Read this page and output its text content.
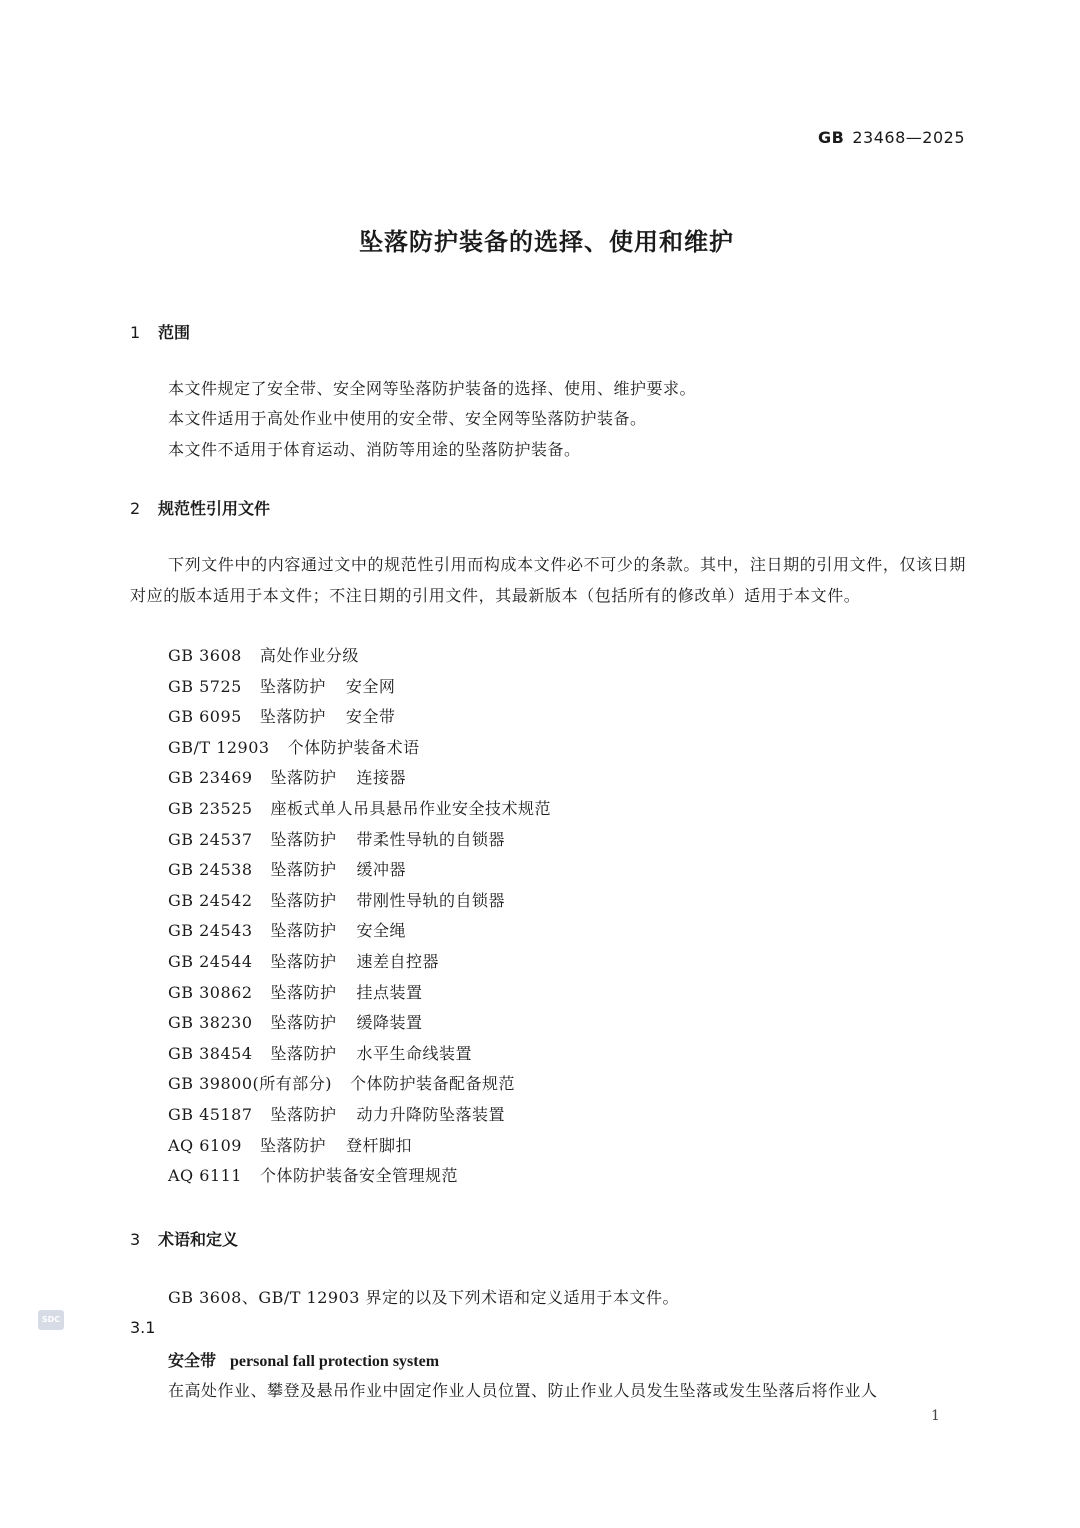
GB 23468—2025
坠落防护装备的选择、使用和维护
1 范围
本文件规定了安全带、安全网等坠落防护装备的选择、使用、维护要求。
本文件适用于高处作业中使用的安全带、安全网等坠落防护装备。
本文件不适用于体育运动、消防等用途的坠落防护装备。
2 规范性引用文件
下列文件中的内容通过文中的规范性引用而构成本文件必不可少的条款。其中，注日期的引用文件，仅该日期对应的版本适用于本文件；不注日期的引用文件，其最新版本（包括所有的修改单）适用于本文件。
GB 3608 高处作业分级
GB 5725 坠落防护 安全网
GB 6095 坠落防护 安全带
GB/T 12903 个体防护装备术语
GB 23469 坠落防护 连接器
GB 23525 座板式单人吊具悬吊作业安全技术规范
GB 24537 坠落防护 带柔性导轨的自锁器
GB 24538 坠落防护 缓冲器
GB 24542 坠落防护 带刚性导轨的自锁器
GB 24543 坠落防护 安全绳
GB 24544 坠落防护 速差自控器
GB 30862 坠落防护 挂点装置
GB 38230 坠落防护 缓降装置
GB 38454 坠落防护 水平生命线装置
GB 39800(所有部分) 个体防护装备配备规范
GB 45187 坠落防护 动力升降防坠落装置
AQ 6109 坠落防护 登杆脚扣
AQ 6111 个体防护装备安全管理规范
3 术语和定义
GB 3608、GB/T 12903 界定的以及下列术语和定义适用于本文件。
3.1
安全带 personal fall protection system
在高处作业、攀登及悬吊作业中固定作业人员位置、防止作业人员发生坠落或发生坠落后将作业人
SDC
1
